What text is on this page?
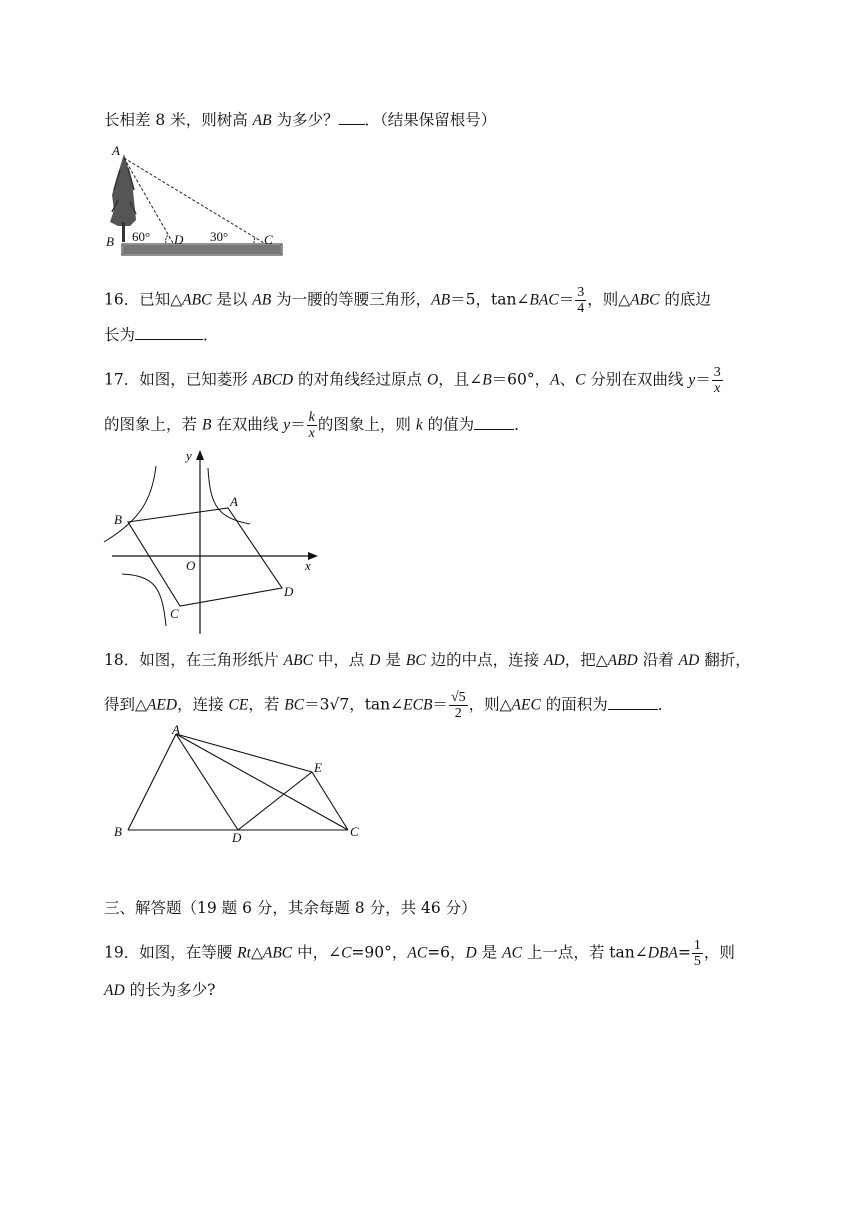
长相差 8 米，则树高 AB 为多少？ ．（结果保留根号）
A
B 60° D 30°	C
16．已知△ABC 是以 AB 为一腰的等腰三角形，AB＝5，tan∠BAC＝ $\frac{3}{4}$ ，则△ABC 的底边
长为	．
17．如图，已知菱形 ABCD 的对角线经过原点 O，且∠B＝60°，A、C 分别在双曲线 $y= \frac{3}{x}$
的图象上，若 B 在双曲线 $y= \frac{k}{x}$ 的图象上，则 k 的值为	．
y
x
O
A
B
C
D
18．如图，在三角形纸片 ABC 中，点 D 是 BC 边的中点，连接 AD，把△ABD 沿着 AD 翻折，
得到△AED，连接 CE，若 BC＝3√7，tan∠ECB＝ $\frac{√5}{2}$ ，则△AEC 的面积为	．
A
B	C
D
E
三、解答题（19 题 6 分，其余每题 8 分，共 46 分）
19．如图，在等腰 Rt△ABC 中，∠C=90°，AC=6，D 是 AC 上一点，若 tan∠DBA= $\frac{1}{5}$ ，则
AD 的长为多少?
